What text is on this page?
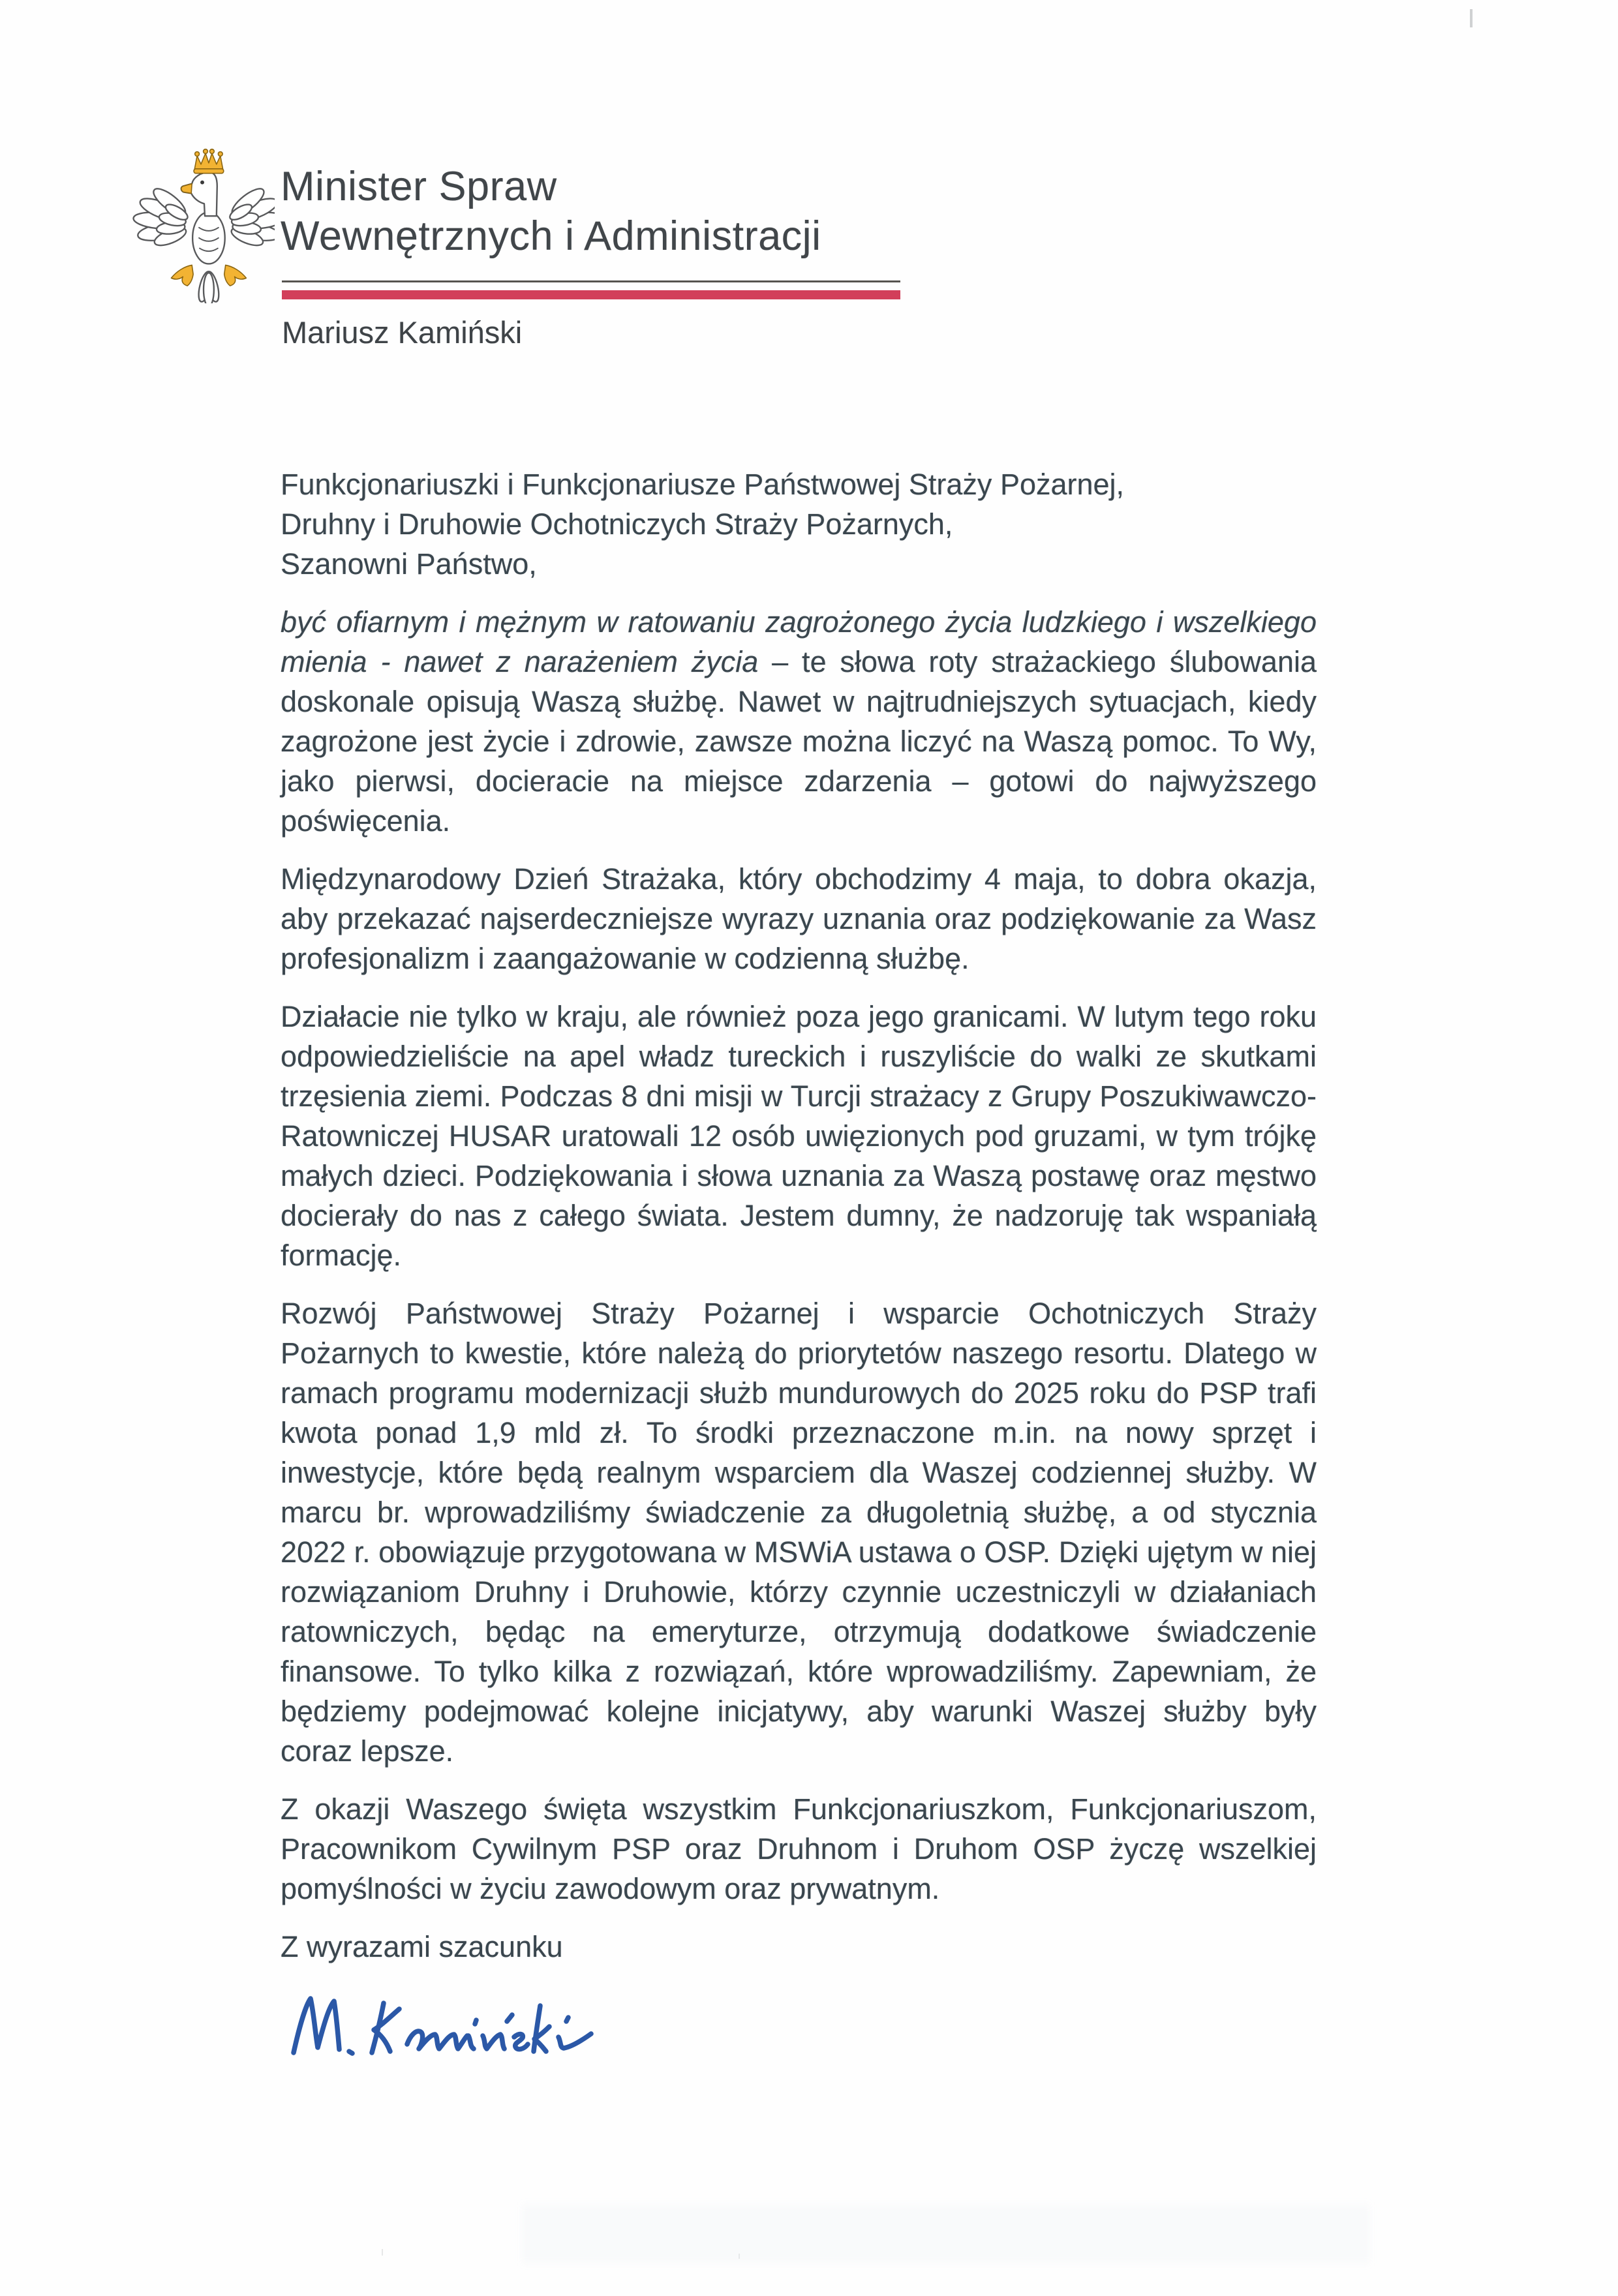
Minister Spraw
Wewnętrznych i Administracji
Mariusz Kamiński
Funkcjonariuszki i Funkcjonariusze Państwowej Straży Pożarnej,
Druhny i Druhowie Ochotniczych Straży Pożarnych,
Szanowni Państwo,

być ofiarnym i mężnym w ratowaniu zagrożonego życia ludzkiego i wszelkiego mienia - nawet z narażeniem życia – te słowa roty strażackiego ślubowania doskonale opisują Waszą służbę. Nawet w najtrudniejszych sytuacjach, kiedy zagrożone jest życie i zdrowie, zawsze można liczyć na Waszą pomoc. To Wy, jako pierwsi, docieracie na miejsce zdarzenia – gotowi do najwyższego poświęcenia.

Międzynarodowy Dzień Strażaka, który obchodzimy 4 maja, to dobra okazja, aby przekazać najserdeczniejsze wyrazy uznania oraz podziękowanie za Wasz profesjonalizm i zaangażowanie w codzienną służbę.

Działacie nie tylko w kraju, ale również poza jego granicami. W lutym tego roku odpowiedzieliście na apel władz tureckich i ruszyliście do walki ze skutkami trzęsienia ziemi. Podczas 8 dni misji w Turcji strażacy z Grupy Poszukiwawczo-Ratowniczej HUSAR uratowali 12 osób uwięzionych pod gruzami, w tym trójkę małych dzieci. Podziękowania i słowa uznania za Waszą postawę oraz męstwo docierały do nas z całego świata. Jestem dumny, że nadzoruję tak wspaniałą formację.

Rozwój Państwowej Straży Pożarnej i wsparcie Ochotniczych Straży Pożarnych to kwestie, które należą do priorytetów naszego resortu. Dlatego w ramach programu modernizacji służb mundurowych do 2025 roku do PSP trafi kwota ponad 1,9 mld zł. To środki przeznaczone m.in. na nowy sprzęt i inwestycje, które będą realnym wsparciem dla Waszej codziennej służby. W marcu br. wprowadziliśmy świadczenie za długoletnią służbę, a od stycznia 2022 r. obowiązuje przygotowana w MSWiA ustawa o OSP. Dzięki ujętym w niej rozwiązaniom Druhny i Druhowie, którzy czynnie uczestniczyli w działaniach ratowniczych, będąc na emeryturze, otrzymują dodatkowe świadczenie finansowe. To tylko kilka z rozwiązań, które wprowadziliśmy. Zapewniam, że będziemy podejmować kolejne inicjatywy, aby warunki Waszej służby były coraz lepsze.

Z okazji Waszego święta wszystkim Funkcjonariuszkom, Funkcjonariuszom, Pracownikom Cywilnym PSP oraz Druhnom i Druhom OSP życzę wszelkiej pomyślności w życiu zawodowym oraz prywatnym.

Z wyrazami szacunku
